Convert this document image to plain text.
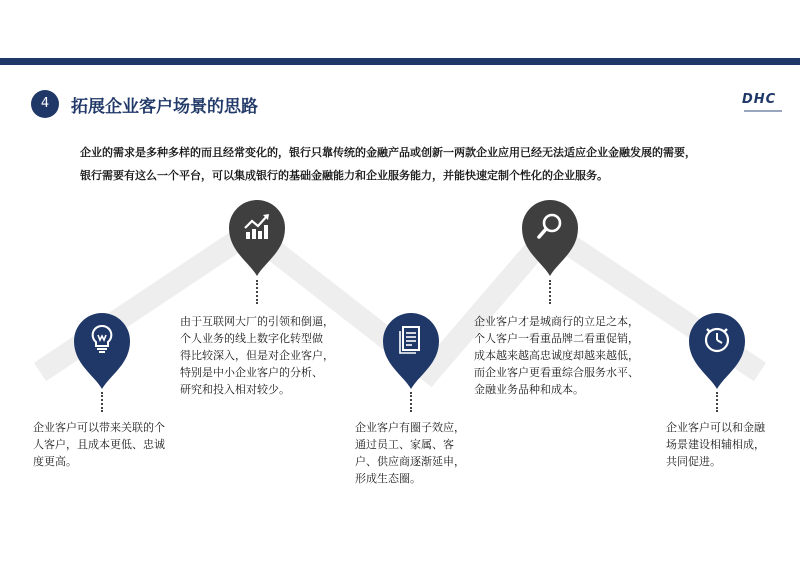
4	拓展企业客户场景的思路	DHC
企业的需求是多种多样的而且经常变化的，银行只靠传统的金融产品或创新一两款企业应用已经无法适应企业金融发展的需要，
银行需要有这么一个平台，可以集成银行的基础金融能力和企业服务能力，并能快速定制个性化的企业服务。
企业客户可以带来关联的个
人客户，且成本更低、忠诚
度更高。
由于互联网大厂的引领和倒逼，
个人业务的线上数字化转型做
得比较深入，但是对企业客户，
特别是中小企业客户的分析、
研究和投入相对较少。
企业客户有圈子效应，
通过员工、家属、客
户、供应商逐渐延申，
形成生态圈。
企业客户才是城商行的立足之本，
个人客户一看重品牌二看重促销，
成本越来越高忠诚度却越来越低，
而企业客户更看重综合服务水平、
金融业务品种和成本。
企业客户可以和金融
场景建设相辅相成，
共同促进。
